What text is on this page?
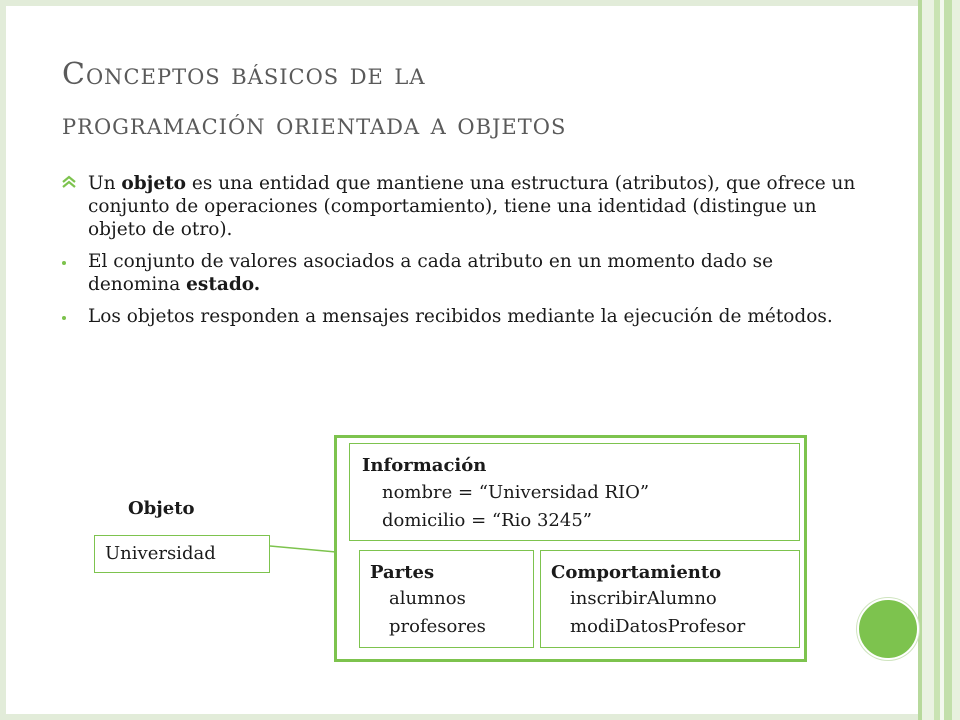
Conceptos básicos de la
programación orientada a objetos
Un objeto es una entidad que mantiene una estructura (atributos), que ofrece un conjunto de operaciones (comportamiento), tiene una identidad (distingue un objeto de otro).
El conjunto de valores asociados a cada atributo en un momento dado se denomina estado.
Los objetos responden a mensajes recibidos mediante la ejecución de métodos.
Objeto
Universidad
Información
nombre = “Universidad RIO”
domicilio = “Rio 3245”
Partes
alumnos
profesores
Comportamiento
inscribirAlumno
modiDatosProfesor
